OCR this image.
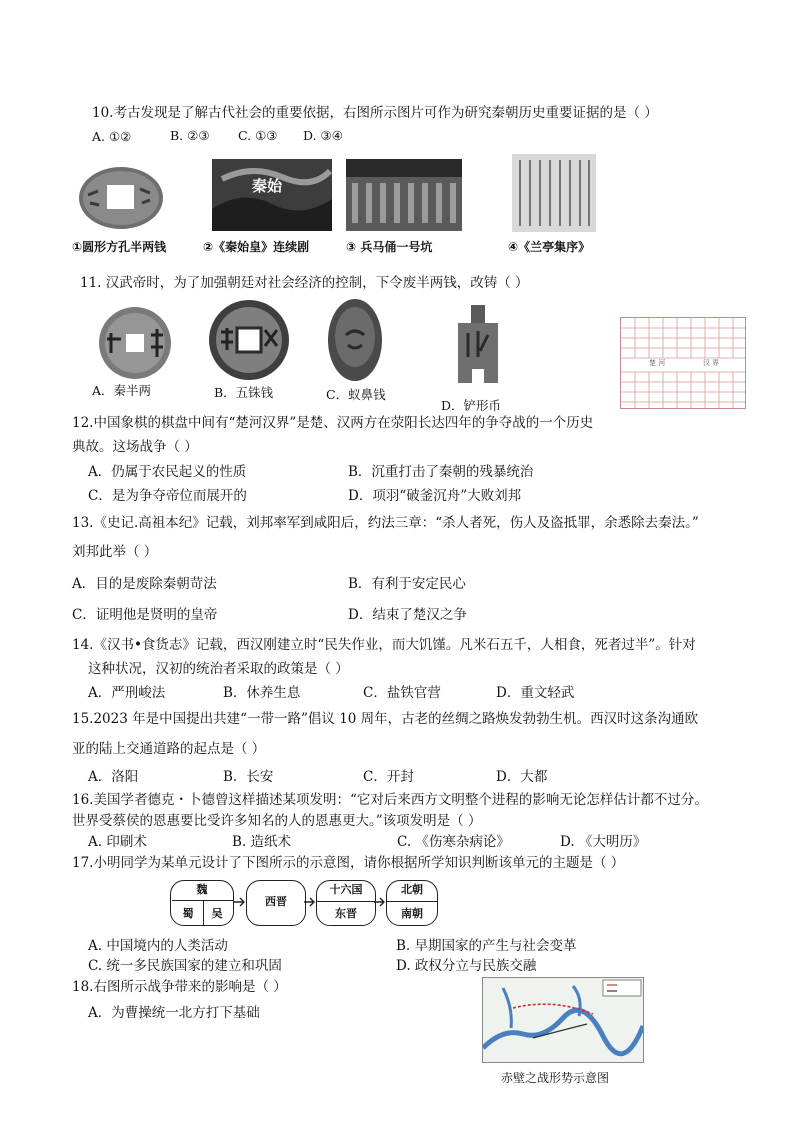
10.考古发现是了解古代社会的重要依据，右图所示图片可作为研究秦朝历史重要证据的是（ ）
A. ①②	B. ②③ C. ①③ D. ③④
秦始
①圆形方孔半两钱	②《秦始皇》连续剧	③ 兵马俑一号坑	④《兰亭集序》
11. 汉武帝时，为了加强朝廷对社会经济的控制，下令废半两钱，改铸（ ）
楚 河	汉 界
A．秦半两	B．五铢钱	C．蚁鼻钱
D．铲形币
12.中国象棋的棋盘中间有“楚河汉界”是楚、汉两方在荥阳长达四年的争夺战的一个历史
典故。这场战争（ ）
A．仍属于农民起义的性质	B．沉重打击了秦朝的残暴统治
C．是为争夺帝位而展开的	D．项羽“破釜沉舟”大败刘邦
13.《史记.高祖本纪》记载，刘邦率军到咸阳后，约法三章：“杀人者死，伤人及盗抵罪，余悉除去秦法。”
刘邦此举（ ）
A．目的是废除秦朝苛法	B．有利于安定民心
C．证明他是贤明的皇帝	D．结束了楚汉之争
14.《汉书•食货志》记载，西汉刚建立时“民失作业，而大饥馑。凡米石五千，人相食，死者过半”。针对
这种状况，汉初的统治者采取的政策是（ ）
A．严刑峻法	B．休养生息	C．盐铁官营	D．重文轻武
15.2023 年是中国提出共建“一带一路”倡议 10 周年，古老的丝绸之路焕发勃勃生机。西汉时这条沟通欧
亚的陆上交通道路的起点是（ ）
A．洛阳	B．长安	C．开封	D．大都
16.美国学者德克・卜德曾这样描述某项发明：“它对后来西方文明整个进程的影响无论怎样估计都不过分。
世界受蔡侯的恩惠要比受许多知名的人的恩惠更大。”该项发明是（ ）
A. 印刷术	B. 造纸术	C. 《伤寒杂病论》	D. 《大明历》
17.小明同学为某单元设计了下图所示的示意图，请你根据所学知识判断该单元的主题是（ ）
魏
蜀	吴
西晋
十六国
东晋
北朝
南朝
A. 中国境内的人类活动	B. 早期国家的产生与社会变革
C. 统一多民族国家的建立和巩固	D. 政权分立与民族交融
18.右图所示战争带来的影响是（ ）
A．为曹操统一北方打下基础
赤壁之战形势示意图
